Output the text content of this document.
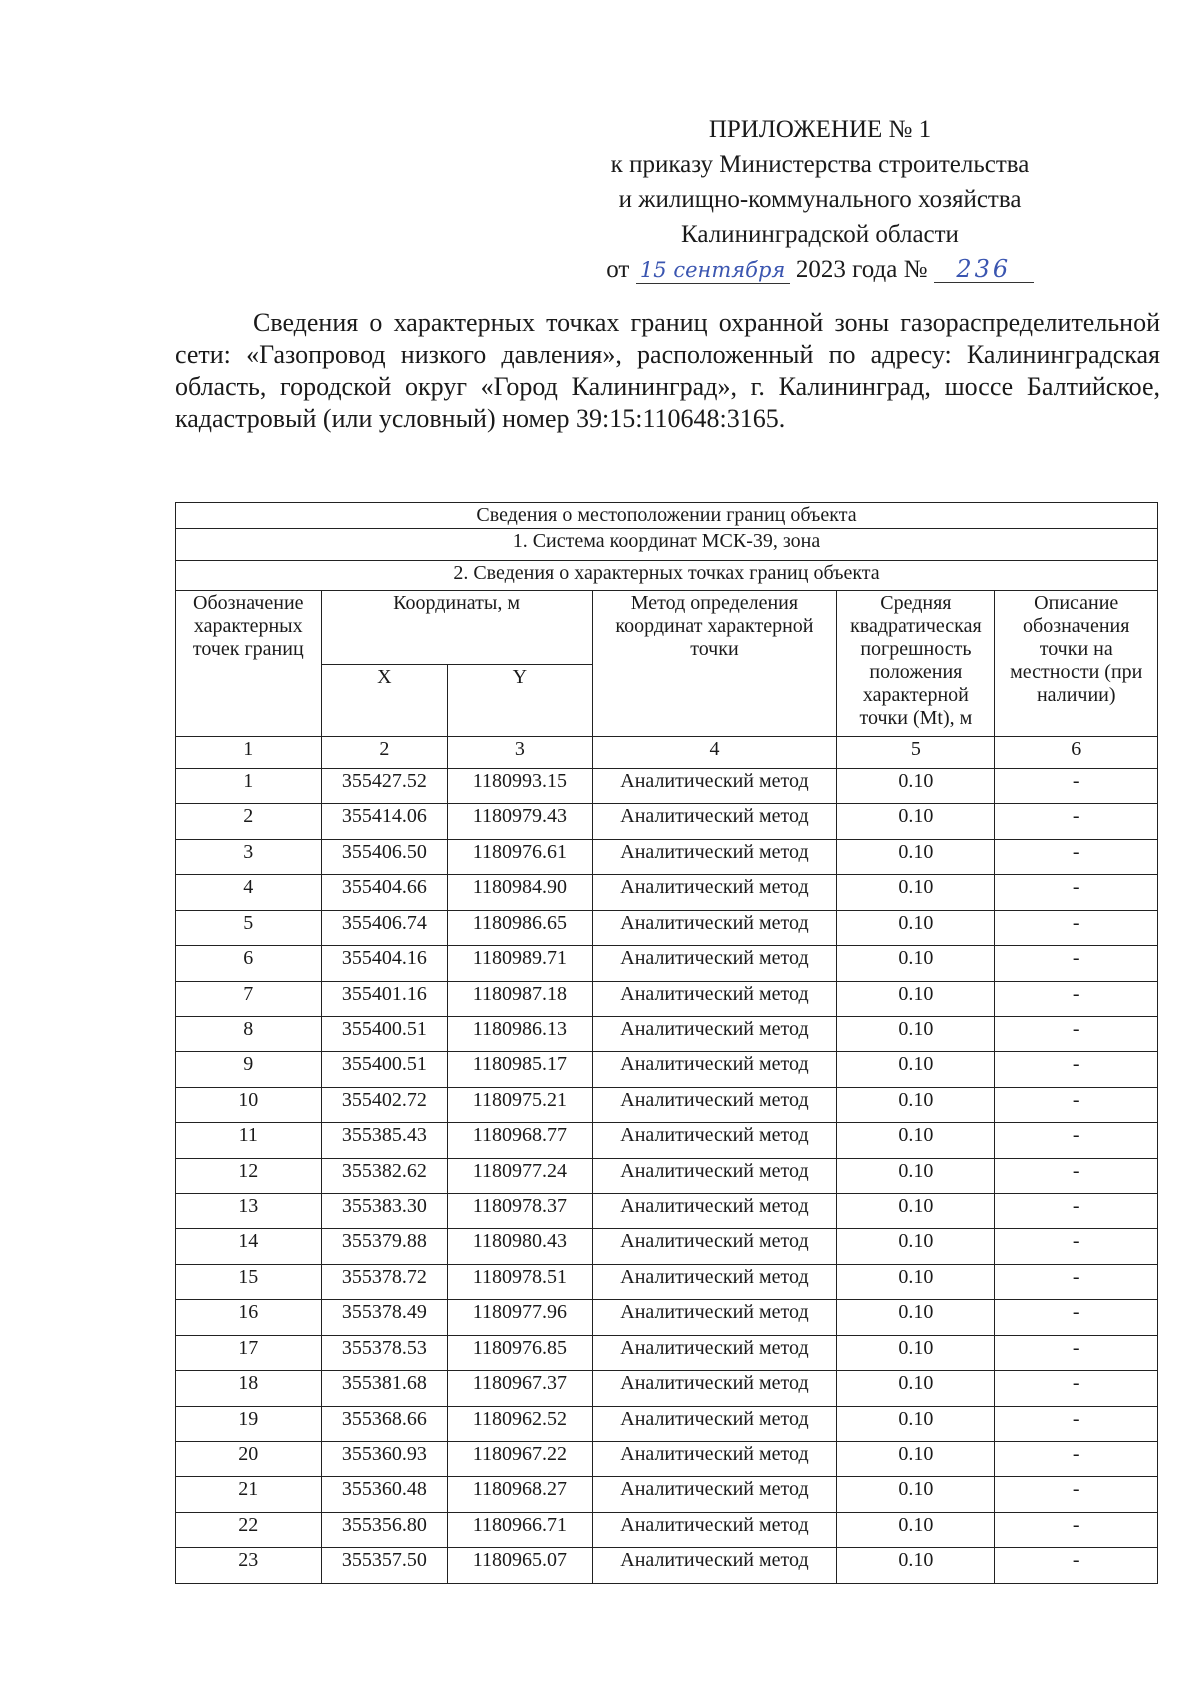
ПРИЛОЖЕНИЕ № 1
к приказу Министерства строительства
и жилищно-коммунального хозяйства
Калининградской области
от 15 сентября 2023 года № 236
Сведения о характерных точках границ охранной зоны газораспределительной сети: «Газопровод низкого давления», расположенный по адресу: Калининградская область, городской округ «Город Калининград», г. Калининград, шоссе Балтийское, кадастровый (или условный) номер 39:15:110648:3165.
Сведения о местоположении границ объекта					
1. Система координат МСК-39, зона					
2. Сведения о характерных точках границ объекта					
Обозначение характерных точек границ	Координаты, м		Метод определения координат характерной точки	Средняя квадратическая погрешность положения характерной точки (Mt), м	Описание обозначения точки на местности (при наличии)
	X	Y			
1	2	3	4	5	6
1	355427.52	1180993.15	Аналитический метод	0.10	-
2	355414.06	1180979.43	Аналитический метод	0.10	-
3	355406.50	1180976.61	Аналитический метод	0.10	-
4	355404.66	1180984.90	Аналитический метод	0.10	-
5	355406.74	1180986.65	Аналитический метод	0.10	-
6	355404.16	1180989.71	Аналитический метод	0.10	-
7	355401.16	1180987.18	Аналитический метод	0.10	-
8	355400.51	1180986.13	Аналитический метод	0.10	-
9	355400.51	1180985.17	Аналитический метод	0.10	-
10	355402.72	1180975.21	Аналитический метод	0.10	-
11	355385.43	1180968.77	Аналитический метод	0.10	-
12	355382.62	1180977.24	Аналитический метод	0.10	-
13	355383.30	1180978.37	Аналитический метод	0.10	-
14	355379.88	1180980.43	Аналитический метод	0.10	-
15	355378.72	1180978.51	Аналитический метод	0.10	-
16	355378.49	1180977.96	Аналитический метод	0.10	-
17	355378.53	1180976.85	Аналитический метод	0.10	-
18	355381.68	1180967.37	Аналитический метод	0.10	-
19	355368.66	1180962.52	Аналитический метод	0.10	-
20	355360.93	1180967.22	Аналитический метод	0.10	-
21	355360.48	1180968.27	Аналитический метод	0.10	-
22	355356.80	1180966.71	Аналитический метод	0.10	-
23	355357.50	1180965.07	Аналитический метод	0.10	-
